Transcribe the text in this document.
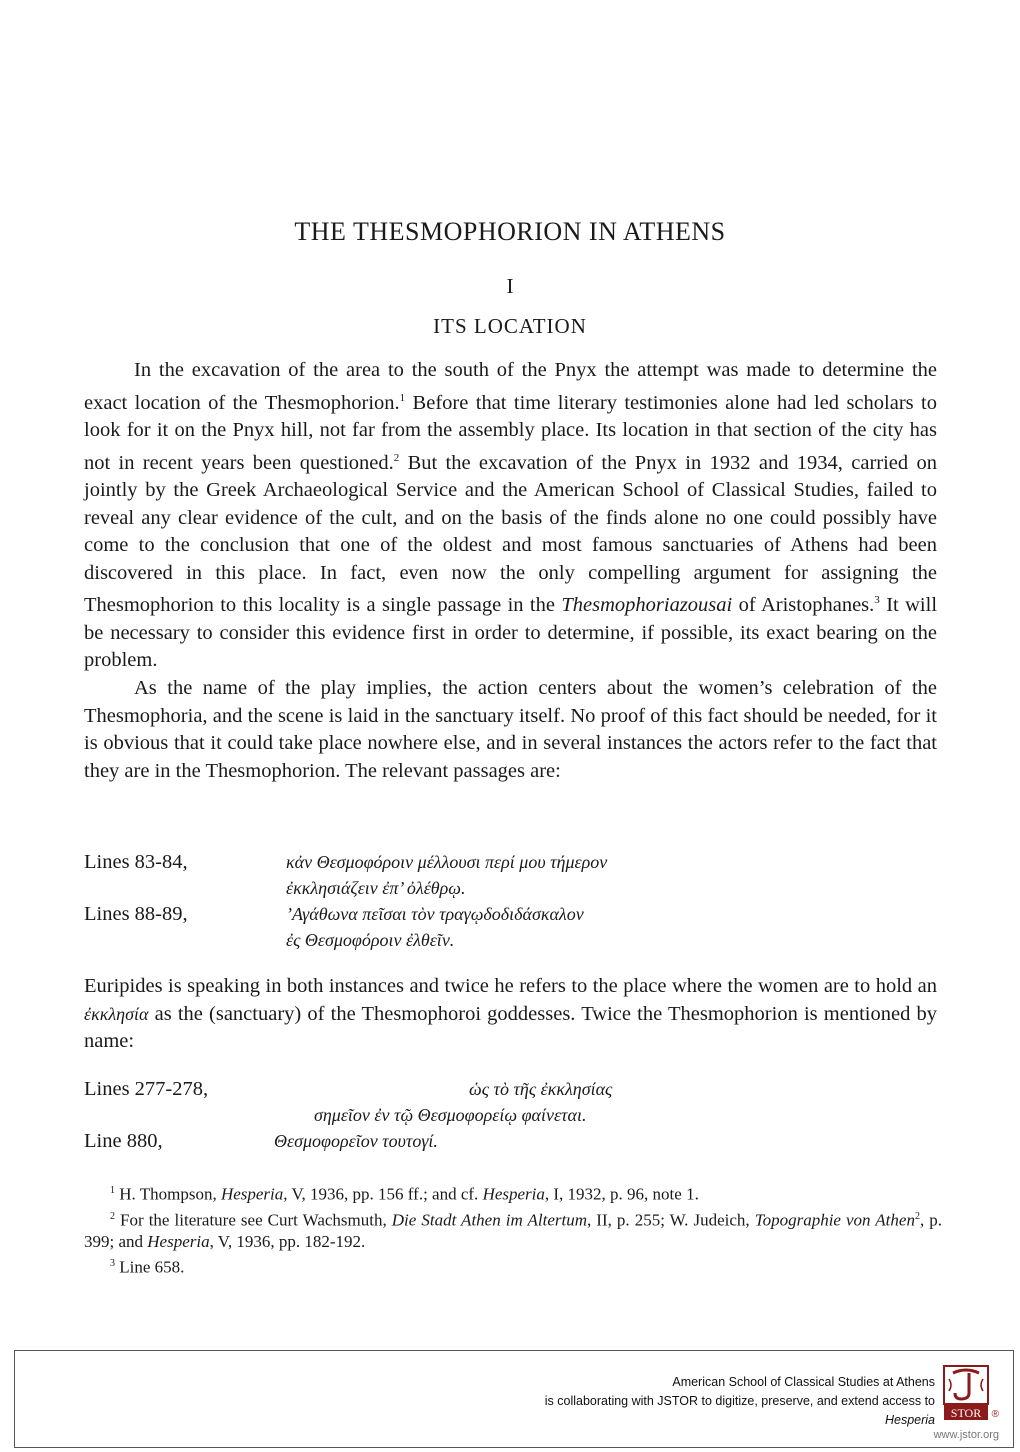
THE THESMOPHORION IN ATHENS
I
ITS LOCATION

In the excavation of the area to the south of the Pnyx the attempt was made to determine the exact location of the Thesmophorion.$^1$ Before that time literary testimonies alone had led scholars to look for it on the Pnyx hill, not far from the assembly place. Its location in that section of the city has not in recent years been questioned.$^2$ But the excavation of the Pnyx in 1932 and 1934, carried on jointly by the Greek Archaeological Service and the American School of Classical Studies, failed to reveal any clear evidence of the cult, and on the basis of the finds alone no one could possibly have come to the conclusion that one of the oldest and most famous sanctuaries of Athens had been discovered in this place. In fact, even now the only compelling argument for assigning the Thesmophorion to this locality is a single passage in the Thesmophoriazousai of Aristophanes.$^3$ It will be necessary to consider this evidence first in order to determine, if possible, its exact bearing on the problem.

As the name of the play implies, the action centers about the women’s celebration of the Thesmophoria, and the scene is laid in the sanctuary itself. No proof of this fact should be needed, for it is obvious that it could take place nowhere else, and in several instances the actors refer to the fact that they are in the Thesmophorion. The relevant passages are:

Lines 83-84,	κἀν Θεσμοφόροιν μέλλουσι περί μου τήμερον
ἐκκλησιάζειν ἐπ’ ὀλέθρῳ.
Lines 88-89,	’Αγάθωνα πεῖσαι τὸν τραγῳδοδιδάσκαλον
ἐς Θεσμοφόροιν ἐλθεῖν.

Euripides is speaking in both instances and twice he refers to the place where the women are to hold an ἐκκλησία as the (sanctuary) of the Thesmophoroi goddesses. Twice the Thesmophorion is mentioned by name:

Lines 277-278,	ὡς τὸ τῆς ἐκκλησίας
σημεῖον ἐν τῷ Θεσμοφορείῳ φαίνεται.
Line 880,	Θεσμοφορεῖον τουτογί.

$^1$ H. Thompson, Hesperia, V, 1936, pp. 156 ff.; and cf. Hesperia, I, 1932, p. 96, note 1.

$^2$ For the literature see Curt Wachsmuth, Die Stadt Athen im Altertum, II, p. 255; W. Judeich, Topographie von Athen$^2$, p. 399; and Hesperia, V, 1936, pp. 182-192.

$^3$ Line 658.

American School of Classical Studies at Athens
is collaborating with JSTOR to digitize, preserve, and extend access to
Hesperia STOR ®
www.jstor.org
